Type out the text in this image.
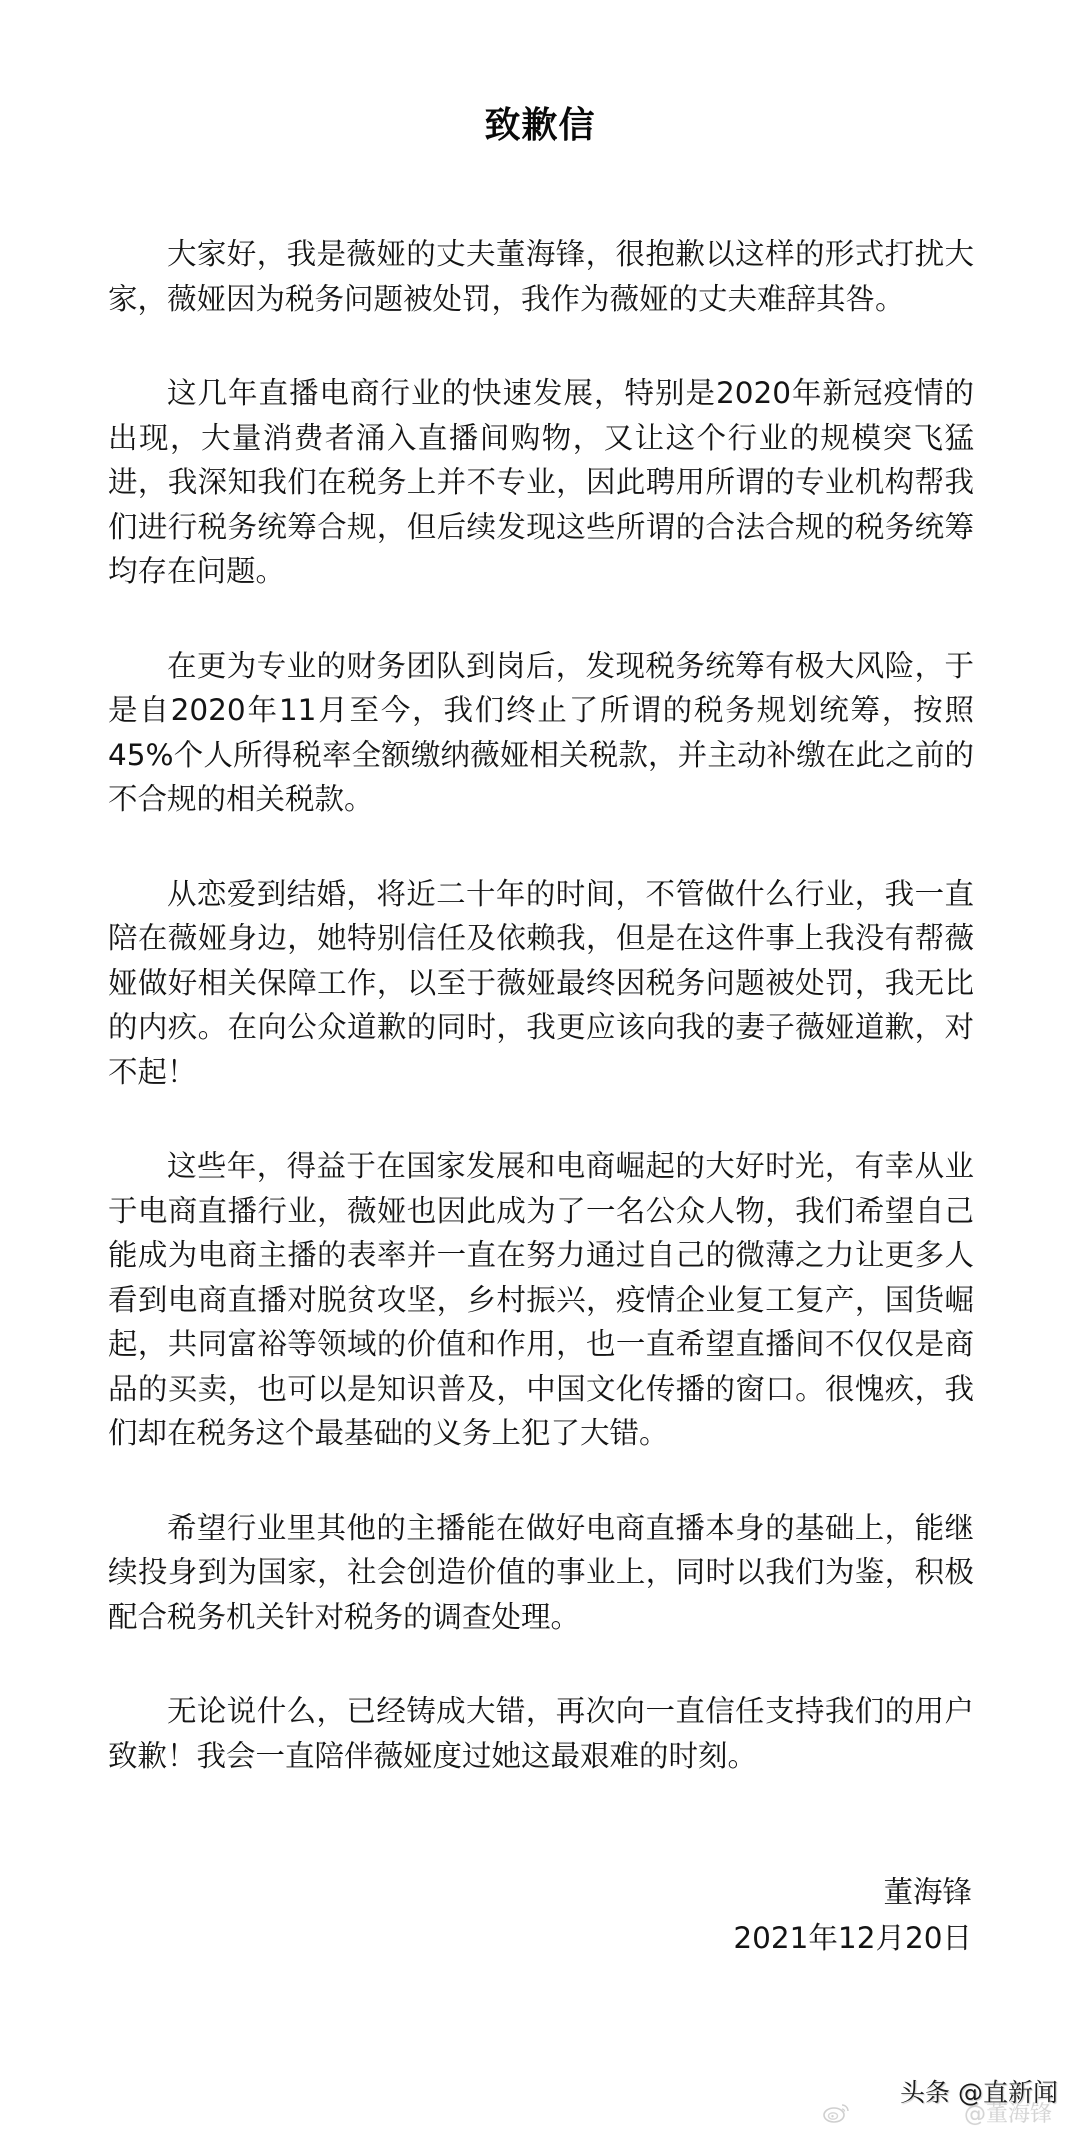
致歉信

大家好，我是薇娅的丈夫董海锋，很抱歉以这样的形式打扰大家，薇娅因为税务问题被处罚，我作为薇娅的丈夫难辞其咎。

这几年直播电商行业的快速发展，特别是2020年新冠疫情的出现，大量消费者涌入直播间购物，又让这个行业的规模突飞猛进，我深知我们在税务上并不专业，因此聘用所谓的专业机构帮我们进行税务统筹合规，但后续发现这些所谓的合法合规的税务统筹均存在问题。

在更为专业的财务团队到岗后，发现税务统筹有极大风险，于是自2020年11月至今，我们终止了所谓的税务规划统筹，按照45%个人所得税率全额缴纳薇娅相关税款，并主动补缴在此之前的不合规的相关税款。

从恋爱到结婚，将近二十年的时间，不管做什么行业，我一直陪在薇娅身边，她特别信任及依赖我，但是在这件事上我没有帮薇娅做好相关保障工作，以至于薇娅最终因税务问题被处罚，我无比的内疚。在向公众道歉的同时，我更应该向我的妻子薇娅道歉，对不起！

这些年，得益于在国家发展和电商崛起的大好时光，有幸从业于电商直播行业，薇娅也因此成为了一名公众人物，我们希望自己能成为电商主播的表率并一直在努力通过自己的微薄之力让更多人看到电商直播对脱贫攻坚，乡村振兴，疫情企业复工复产，国货崛起，共同富裕等领域的价值和作用，也一直希望直播间不仅仅是商品的买卖，也可以是知识普及，中国文化传播的窗口。很愧疚，我们却在税务这个最基础的义务上犯了大错。

希望行业里其他的主播能在做好电商直播本身的基础上，能继续投身到为国家，社会创造价值的事业上，同时以我们为鉴，积极配合税务机关针对税务的调查处理。

无论说什么，已经铸成大错，再次向一直信任支持我们的用户致歉！我会一直陪伴薇娅度过她这最艰难的时刻。

董海锋
2021年12月20日
@董海锋
头条 @直新闻
